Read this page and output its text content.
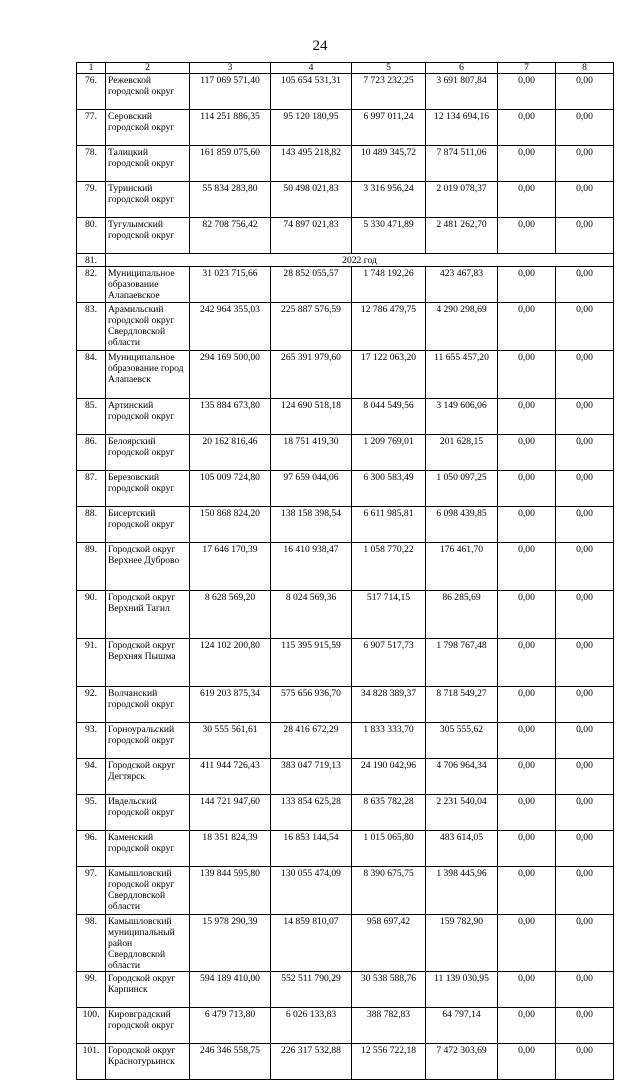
24
1	2	3	4	5	6	7	8
76.	Режевской городской округ	117 069 571,40	105 654 531,31	7 723 232,25	3 691 807,84	0,00	0,00
77.	Серовский городской округ	114 251 886,35	95 120 180,95	6 997 011,24	12 134 694,16	0,00	0,00
78.	Талицкий городской округ	161 859 075,60	143 495 218,82	10 489 345,72	7 874 511,06	0,00	0,00
79.	Туринский городской округ	55 834 283,80	50 498 021,83	3 316 956,24	2 019 078,37	0,00	0,00
80.	Тугулымский городской округ	82 708 756,42	74 897 021,83	5 330 471,89	2 481 262,70	0,00	0,00
81.	2022 год						
82.	Муниципальное образование Алапаевское	31 023 715,66	28 852 055,57	1 748 192,26	423 467,83	0,00	0,00
83.	Арамильский городской округ Свердловской области	242 964 355,03	225 887 576,59	12 786 479,75	4 290 298,69	0,00	0,00
84.	Муниципальное образование город Алапаевск	294 169 500,00	265 391 979,60	17 122 063,20	11 655 457,20	0,00	0,00
85.	Артинский городской округ	135 884 673,80	124 690 518,18	8 044 549,56	3 149 606,06	0,00	0,00
86.	Белоярский городской округ	20 162 816,46	18 751 419,30	1 209 769,01	201 628,15	0,00	0,00
87.	Березовский городской округ	105 009 724,80	97 659 044,06	6 300 583,49	1 050 097,25	0,00	0,00
88.	Бисертский городской округ	150 868 824,20	138 158 398,54	6 611 985,81	6 098 439,85	0,00	0,00
89.	Городской округ Верхнее Дуброво	17 646 170,39	16 410 938,47	1 058 770,22	176 461,70	0,00	0,00
90.	Городской округ Верхний Тагил	8 628 569,20	8 024 569,36	517 714,15	86 285,69	0,00	0,00
91.	Городской округ Верхняя Пышма	124 102 200,80	115 395 915,59	6 907 517,73	1 798 767,48	0,00	0,00
92.	Волчанский городской округ	619 203 875,34	575 656 936,70	34 828 389,37	8 718 549,27	0,00	0,00
93.	Горноуральский городской округ	30 555 561,61	28 416 672,29	1 833 333,70	305 555,62	0,00	0,00
94.	Городской округ Дегтярск	411 944 726,43	383 047 719,13	24 190 042,96	4 706 964,34	0,00	0,00
95.	Ивдельский городской округ	144 721 947,60	133 854 625,28	8 635 782,28	2 231 540,04	0,00	0,00
96.	Каменский городской округ	18 351 824,39	16 853 144,54	1 015 065,80	483 614,05	0,00	0,00
97.	Камышловский городской округ Свердловской области	139 844 595,80	130 055 474,09	8 390 675,75	1 398 445,96	0,00	0,00
98.	Камышловский муниципальный район Свердловской области	15 978 290,39	14 859 810,07	958 697,42	159 782,90	0,00	0,00
99.	Городской округ Карпинск	594 189 410,00	552 511 790,29	30 538 588,76	11 139 030,95	0,00	0,00
100.	Кировградский городской округ	6 479 713,80	6 026 133,83	388 782,83	64 797,14	0,00	0,00
101.	Городской округ Краснотурьинск	246 346 558,75	226 317 532,88	12 556 722,18	7 472 303,69	0,00	0,00
